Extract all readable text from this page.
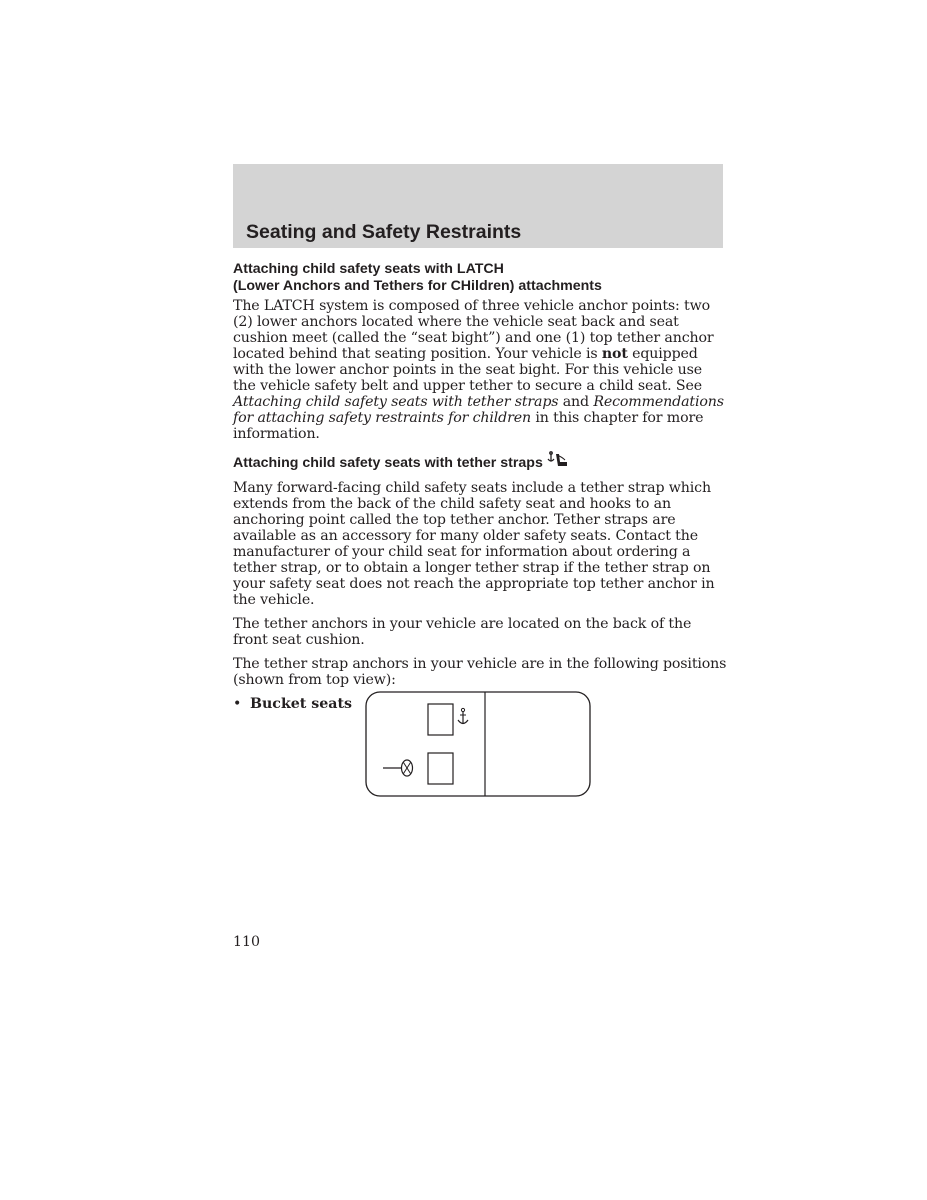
Seating and Safety Restraints

Attaching child safety seats with LATCH
(Lower Anchors and Tethers for CHildren) attachments

The LATCH system is composed of three vehicle anchor points: two (2) lower anchors located where the vehicle seat back and seat cushion meet (called the “seat bight”) and one (1) top tether anchor located behind that seating position. Your vehicle is not equipped with the lower anchor points in the seat bight. For this vehicle use the vehicle safety belt and upper tether to secure a child seat. See Attaching child safety seats with tether straps and Recommendations for attaching safety restraints for children in this chapter for more information.

Attaching child safety seats with tether straps

Many forward-facing child safety seats include a tether strap which extends from the back of the child safety seat and hooks to an anchoring point called the top tether anchor. Tether straps are available as an accessory for many older safety seats. Contact the manufacturer of your child seat for information about ordering a tether strap, or to obtain a longer tether strap if the tether strap on your safety seat does not reach the appropriate top tether anchor in the vehicle.

The tether anchors in your vehicle are located on the back of the front seat cushion.

The tether strap anchors in your vehicle are in the following positions (shown from top view):

• Bucket seats

110
